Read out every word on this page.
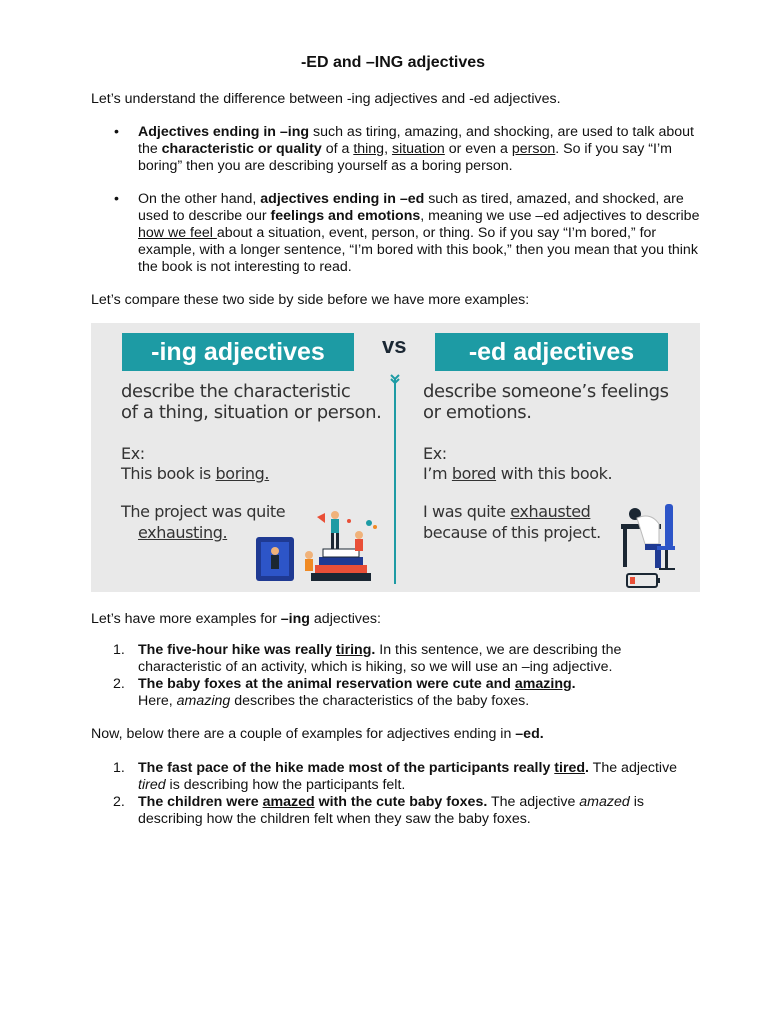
-ED and –ING adjectives
Let’s understand the difference between -ing adjectives and -ed adjectives.
•	Adjectives ending in –ing such as tiring, amazing, and shocking, are used to talk about the characteristic or quality of a thing, situation or even a person. So if you say “I’m boring” then you are describing yourself as a boring person.
•	On the other hand, adjectives ending in –ed such as tired, amazed, and shocked, are used to describe our feelings and emotions, meaning we use –ed adjectives to describe how we feel about a situation, event, person, or thing. So if you say “I’m bored,” for example, with a longer sentence, “I’m bored with this book,” then you mean that you think the book is not interesting to read.
Let’s compare these two side by side before we have more examples:
-ing adjectives	vs	-ed adjectives
describe the characteristic
of a thing, situation or person.
describe someone’s feelings
or emotions.
Ex:
This book is boring.
The project was quite
exhausting.
Ex:
I’m bored with this book.
I was quite exhausted
because of this project.
Let’s have more examples for –ing adjectives:
1. The five-hour hike was really tiring. In this sentence, we are describing the characteristic of an activity, which is hiking, so we will use an –ing adjective.
2. The baby foxes at the animal reservation were cute and amazing.
Here, amazing describes the characteristics of the baby foxes.
Now, below there are a couple of examples for adjectives ending in –ed.
1. The fast pace of the hike made most of the participants really tired. The adjective tired is describing how the participants felt.
2. The children were amazed with the cute baby foxes. The adjective amazed is describing how the children felt when they saw the baby foxes.
